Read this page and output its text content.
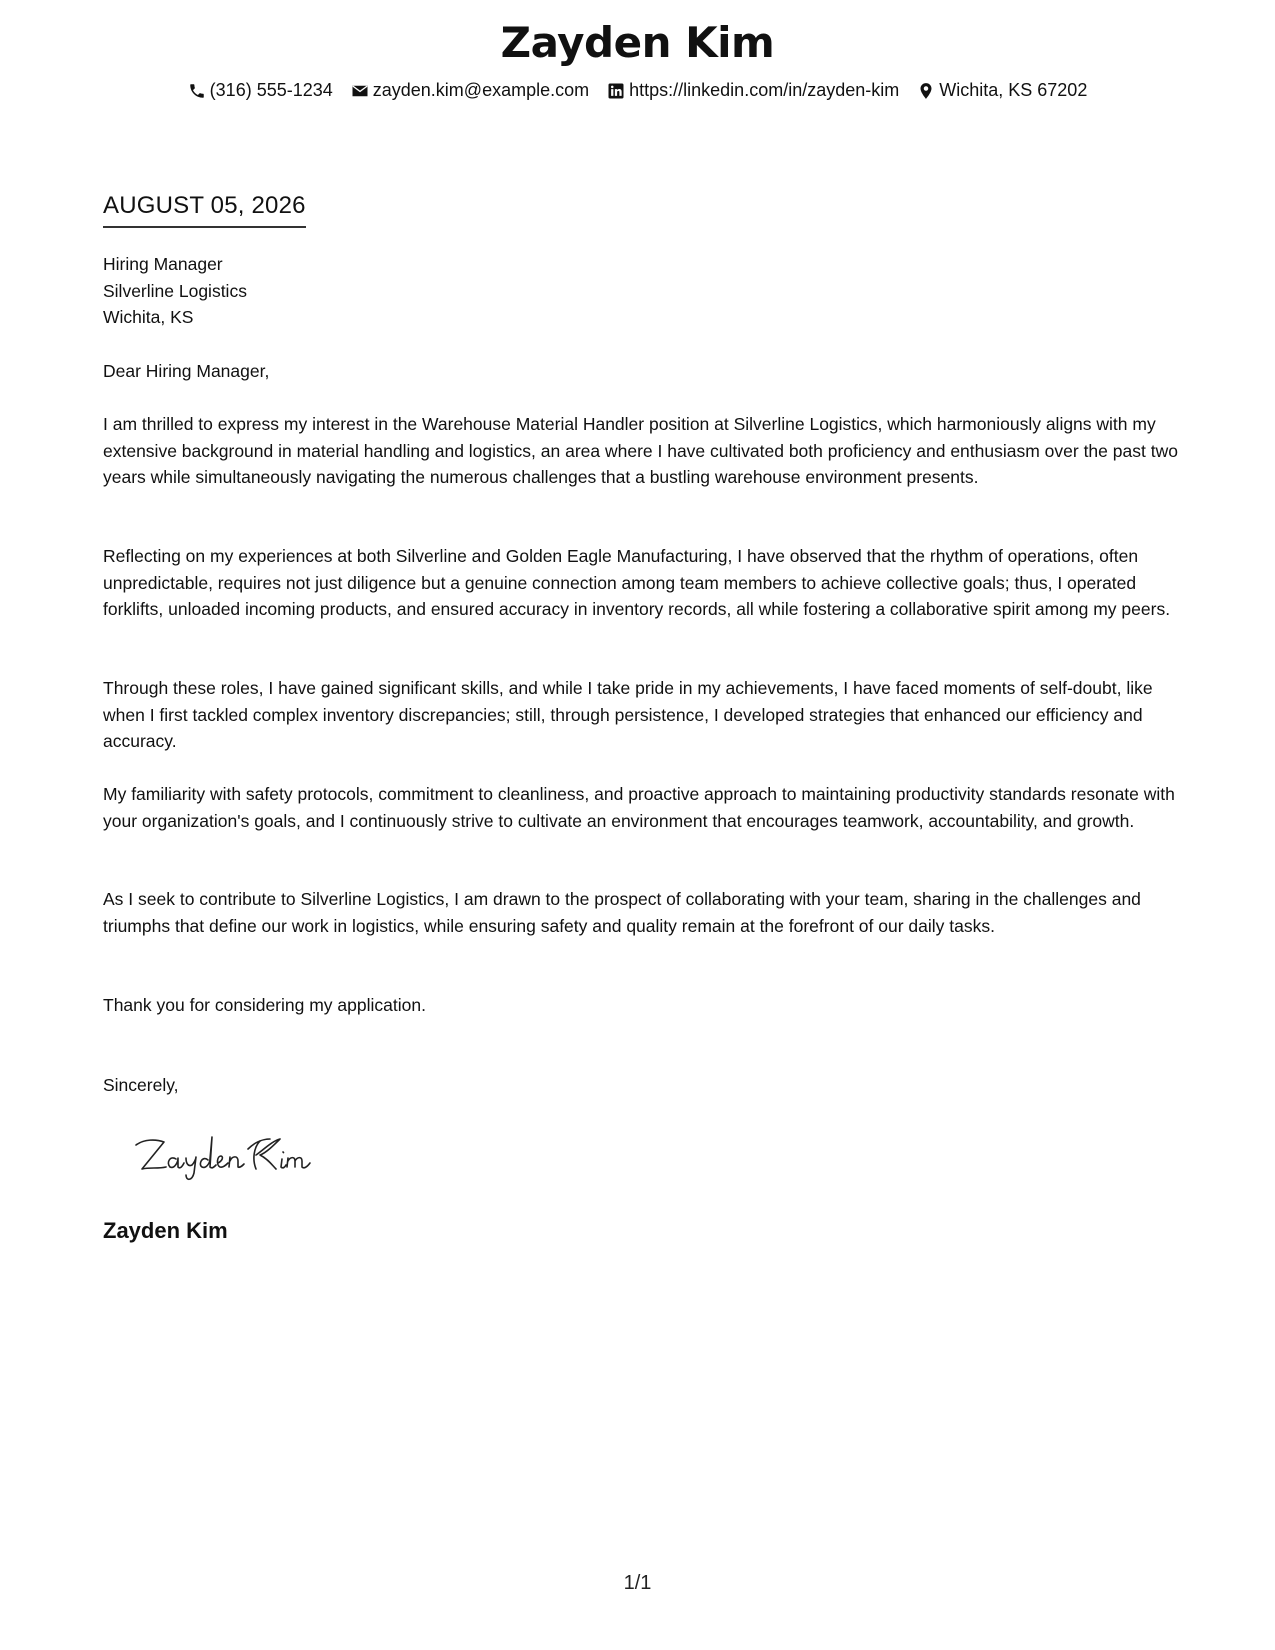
Zayden Kim
(316) 555-1234 zayden.kim@example.com https://linkedin.com/in/zayden-kim Wichita, KS 67202
AUGUST 05, 2026
Hiring Manager
Silverline Logistics
Wichita, KS
Dear Hiring Manager,

I am thrilled to express my interest in the Warehouse Material Handler position at Silverline Logistics, which harmoniously aligns with my extensive background in material handling and logistics, an area where I have cultivated both proficiency and enthusiasm over the past two years while simultaneously navigating the numerous challenges that a bustling warehouse environment presents.

Reflecting on my experiences at both Silverline and Golden Eagle Manufacturing, I have observed that the rhythm of operations, often unpredictable, requires not just diligence but a genuine connection among team members to achieve collective goals; thus, I operated forklifts, unloaded incoming products, and ensured accuracy in inventory records, all while fostering a collaborative spirit among my peers.

Through these roles, I have gained significant skills, and while I take pride in my achievements, I have faced moments of self-doubt, like when I first tackled complex inventory discrepancies; still, through persistence, I developed strategies that enhanced our efficiency and accuracy.

My familiarity with safety protocols, commitment to cleanliness, and proactive approach to maintaining productivity standards resonate with your organization's goals, and I continuously strive to cultivate an environment that encourages teamwork, accountability, and growth.

As I seek to contribute to Silverline Logistics, I am drawn to the prospect of collaborating with your team, sharing in the challenges and triumphs that define our work in logistics, while ensuring safety and quality remain at the forefront of our daily tasks.

Thank you for considering my application.
Sincerely,
Zayden Kim
1/1
